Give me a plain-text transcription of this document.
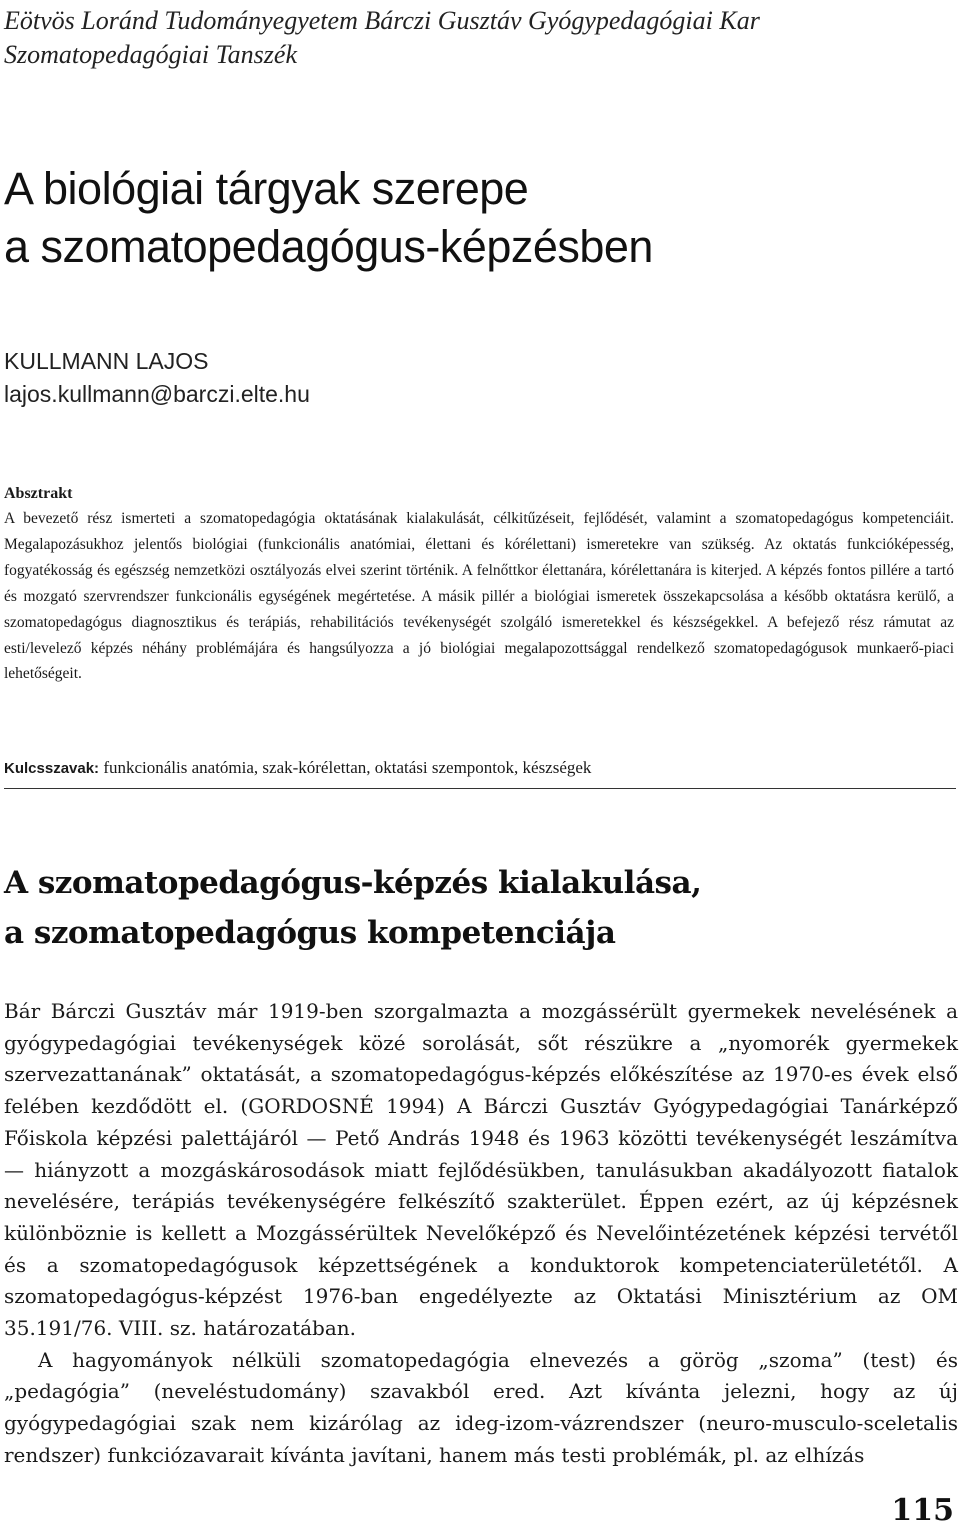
Eötvös Loránd Tudományegyetem Bárczi Gusztáv Gyógypedagógiai Kar
Szomatopedagógiai Tanszék
A biológiai tárgyak szerepe
a szomatopedagógus-képzésben
KULLMANN LAJOS
lajos.kullmann@barczi.elte.hu
Absztrakt

A bevezető rész ismerteti a szomatopedagógia oktatásának kialakulását, célkitűzéseit, fejlődését, valamint a szomatopedagógus kompetenciáit. Megalapozásukhoz jelentős biológiai (funkcionális anatómiai, élettani és kórélettani) ismeretekre van szükség. Az oktatás funkcióképesség, fogyatékosság és egészség nemzetközi osztályozás elvei szerint történik. A felnőttkor élettanára, kórélettanára is kiterjed. A képzés fontos pillére a tartó és mozgató szervrendszer funkcionális egységének megértetése. A másik pillér a biológiai ismeretek összekapcsolása a később oktatásra kerülő, a szomatopedagógus diagnosztikus és terápiás, rehabilitációs tevékenységét szolgáló ismeretekkel és készségekkel. A befejező rész rámutat az esti/levelező képzés néhány problémájára és hangsúlyozza a jó biológiai megalapozottsággal rendelkező szomatopedagógusok munkaerő-piaci lehetőségeit.

Kulcsszavak: funkcionális anatómia, szak-kórélettan, oktatási szempontok, készségek
A szomatopedagógus-képzés kialakulása,
a szomatopedagógus kompetenciája

Bár Bárczi Gusztáv már 1919-ben szorgalmazta a mozgássérült gyermekek nevelésének a gyógypedagógiai tevékenységek közé sorolását, sőt részükre a „nyomorék gyermekek szervezattanának” oktatását, a szomatopedagógus-képzés előkészítése az 1970-es évek első felében kezdődött el. (GORDOSNÉ 1994) A Bárczi Gusztáv Gyógypedagógiai Tanárképző Főiskola képzési palettájáról — Pető András 1948 és 1963 közötti tevékenységét leszámítva — hiányzott a mozgáskárosodások miatt fejlődésükben, tanulásukban akadályozott fiatalok nevelésére, terápiás tevékenységére felkészítő szakterület. Éppen ezért, az új képzésnek különböznie is kellett a Mozgássérültek Nevelőképző és Nevelőintézetének képzési tervétől és a szomatopedagógusok képzettségének a konduktorok kompetenciaterületétől. A szomatopedagógus-képzést 1976-ban engedélyezte az Oktatási Minisztérium az OM 35.191/76. VIII. sz. határozatában.

A hagyományok nélküli szomatopedagógia elnevezés a görög „szoma” (test) és „pedagógia” (neveléstudomány) szavakból ered. Azt kívánta jelezni, hogy az új gyógypedagógiai szak nem kizárólag az ideg-izom-vázrendszer (neuro-musculo-sceletalis rendszer) funkciózavarait kívánta javítani, hanem más testi problémák, pl. az elhízás

115
